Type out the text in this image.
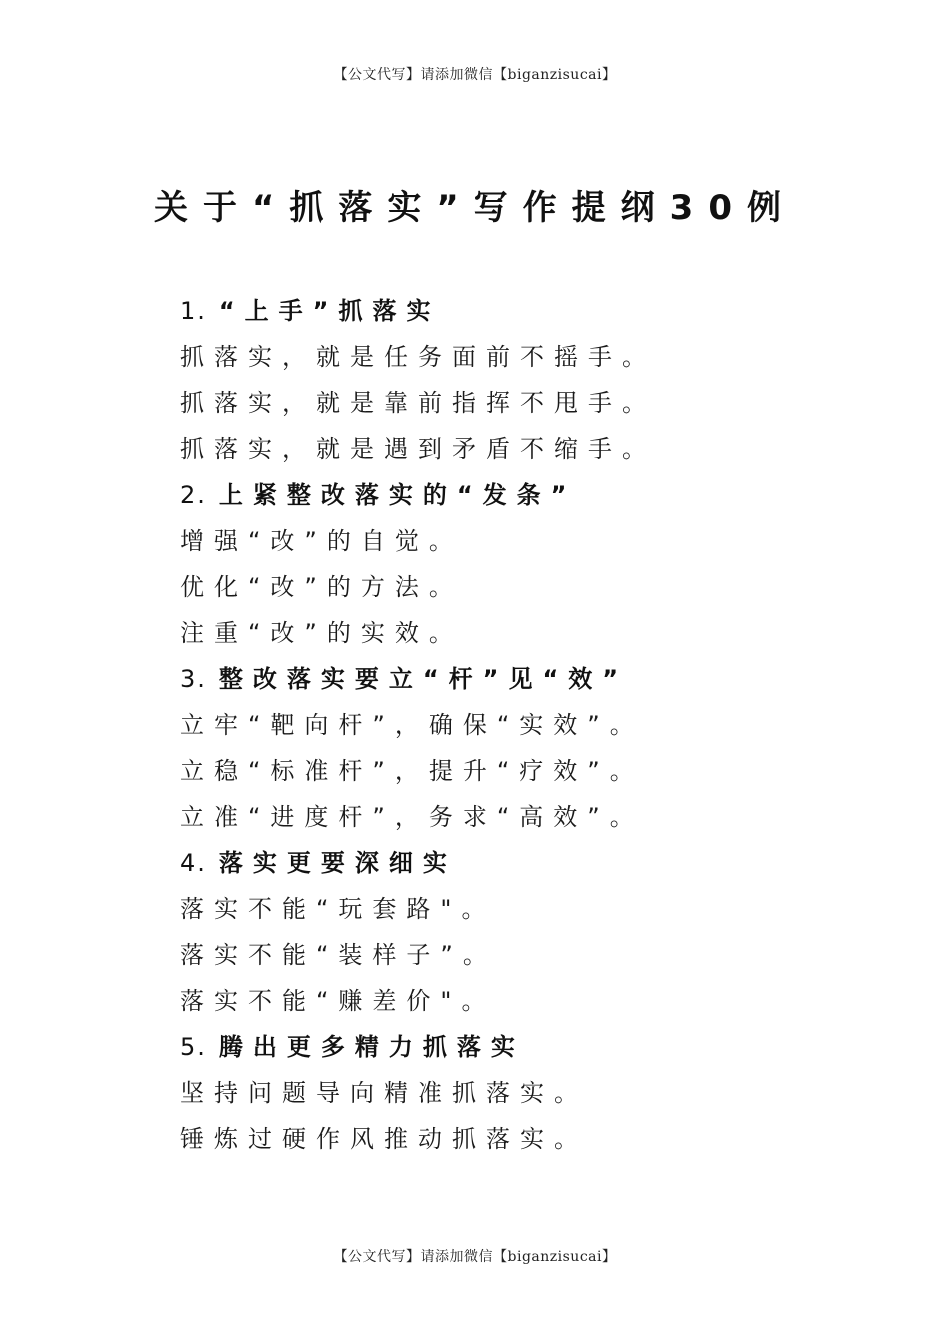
【公文代写】请添加微信【biganzisucai】
关于“抓落实”写作提纲30例
1. “上手”抓落实
抓落实，就是任务面前不摇手。
抓落实，就是靠前指挥不甩手。
抓落实，就是遇到矛盾不缩手。
2. 上紧整改落实的“发条”
增强“改”的自觉。
优化“改”的方法。
注重“改”的实效。
3. 整改落实要立“杆”见“效”
立牢“靶向杆”，确保“实效”。
立稳“标准杆”，提升“疗效”。
立准“进度杆”，务求“高效”。
4. 落实更要深细实
落实不能“玩套路"。
落实不能“装样子”。
落实不能“赚差价"。
5. 腾出更多精力抓落实
坚持问题导向精准抓落实。
锤炼过硬作风推动抓落实。
【公文代写】请添加微信【biganzisucai】
